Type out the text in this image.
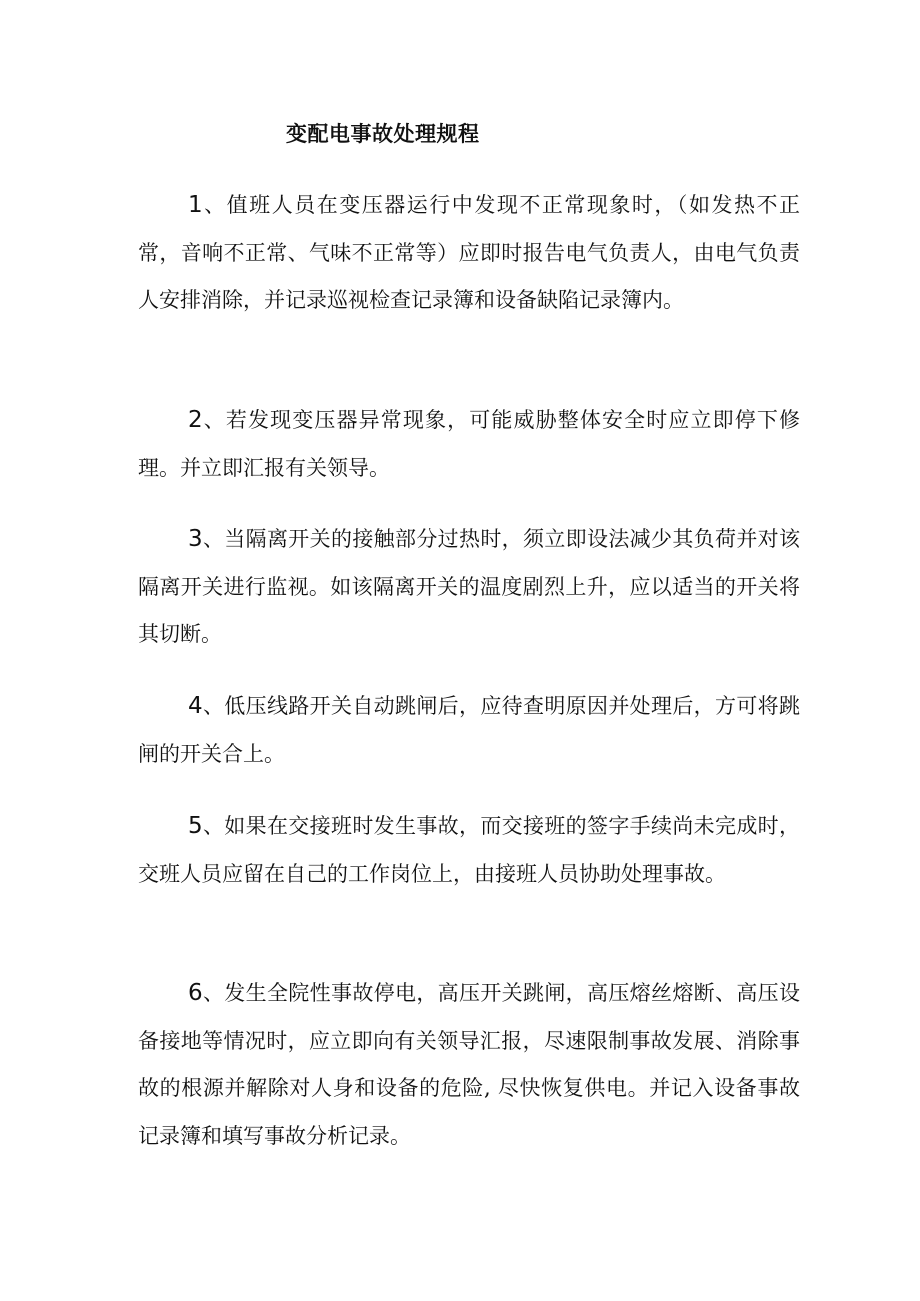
变配电事故处理规程

1、值班人员在变压器运行中发现不正常现象时，（如发热不正常，音响不正常、气味不正常等）应即时报告电气负责人，由电气负责人安排消除，并记录巡视检查记录簿和设备缺陷记录簿内。

2、若发现变压器异常现象，可能威胁整体安全时应立即停下修理。并立即汇报有关领导。

3、当隔离开关的接触部分过热时，须立即设法减少其负荷并对该隔离开关进行监视。如该隔离开关的温度剧烈上升，应以适当的开关将其切断。

4、低压线路开关自动跳闸后，应待查明原因并处理后，方可将跳闸的开关合上。

5、如果在交接班时发生事故，而交接班的签字手续尚未完成时，交班人员应留在自己的工作岗位上，由接班人员协助处理事故。

6、发生全院性事故停电，高压开关跳闸，高压熔丝熔断、高压设备接地等情况时，应立即向有关领导汇报，尽速限制事故发展、消除事故的根源并解除对人身和设备的危险, 尽快恢复供电。并记入设备事故记录簿和填写事故分析记录。
